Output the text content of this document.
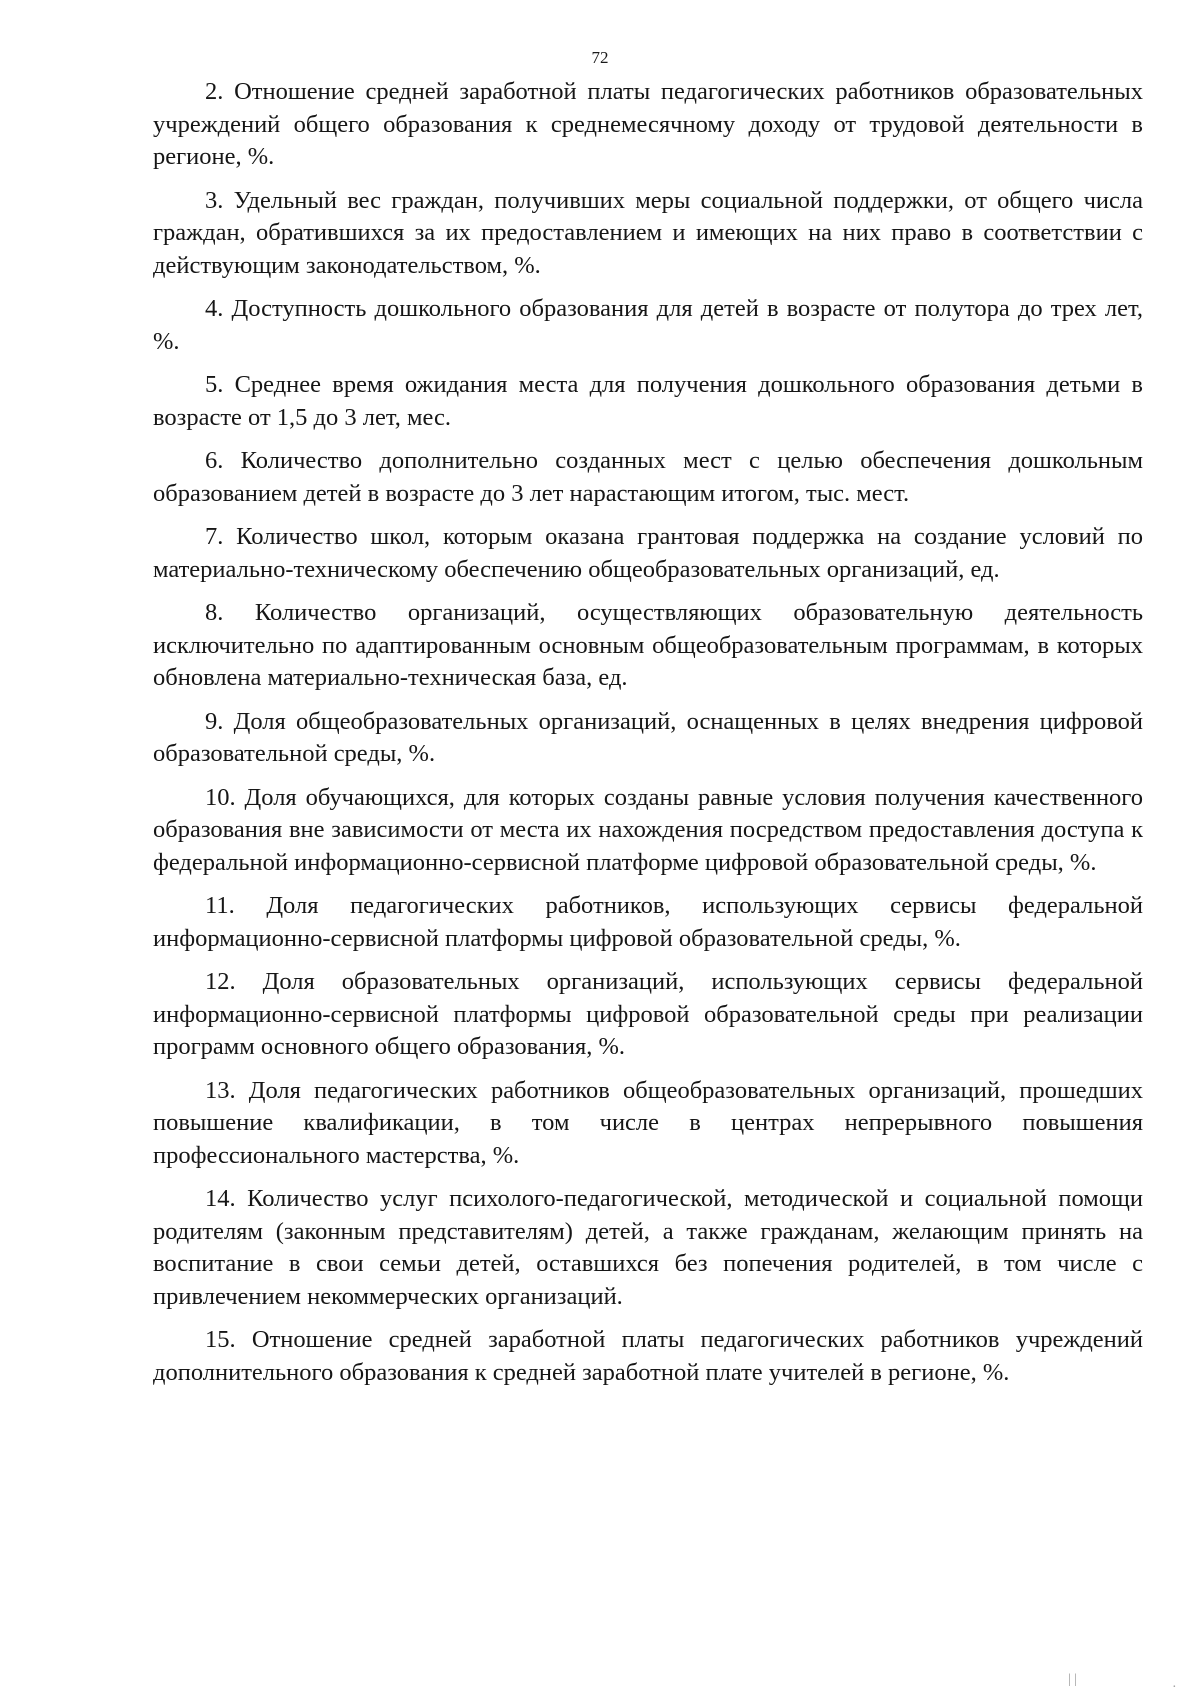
72

2. Отношение средней заработной платы педагогических работников образовательных учреждений общего образования к среднемесячному доходу от трудовой деятельности в регионе, %.

3. Удельный вес граждан, получивших меры социальной поддержки, от общего числа граждан, обратившихся за их предоставлением и имеющих на них право в соответствии с действующим законодательством, %.

4. Доступность дошкольного образования для детей в возрасте от полутора до трех лет, %.

5. Среднее время ожидания места для получения дошкольного образования детьми в возрасте от 1,5 до 3 лет, мес.

6. Количество дополнительно созданных мест с целью обеспечения дошкольным образованием детей в возрасте до 3 лет нарастающим итогом, тыс. мест.

7. Количество школ, которым оказана грантовая поддержка на создание условий по материально-техническому обеспечению общеобразовательных организаций, ед.

8. Количество организаций, осуществляющих образовательную деятельность исключительно по адаптированным основным общеобразовательным программам, в которых обновлена материально-техническая база, ед.

9. Доля общеобразовательных организаций, оснащенных в целях внедрения цифровой образовательной среды, %.

10. Доля обучающихся, для которых созданы равные условия получения качественного образования вне зависимости от места их нахождения посредством предоставления доступа к федеральной информационно-сервисной платформе цифровой образовательной среды, %.

11. Доля педагогических работников, использующих сервисы федеральной информационно-сервисной платформы цифровой образовательной среды, %.

12. Доля образовательных организаций, использующих сервисы федеральной информационно-сервисной платформы цифровой образовательной среды при реализации программ основного общего образования, %.

13. Доля педагогических работников общеобразовательных организаций, прошедших повышение квалификации, в том числе в центрах непрерывного повышения профессионального мастерства, %.

14. Количество услуг психолого-педагогической, методической и социальной помощи родителям (законным представителям) детей, а также гражданам, желающим принять на воспитание в свои семьи детей, оставшихся без попечения родителей, в том числе с привлечением некоммерческих организаций.

15. Отношение средней заработной платы педагогических работников учреждений дополнительного образования к средней заработной плате учителей в регионе, %.

| |
·
